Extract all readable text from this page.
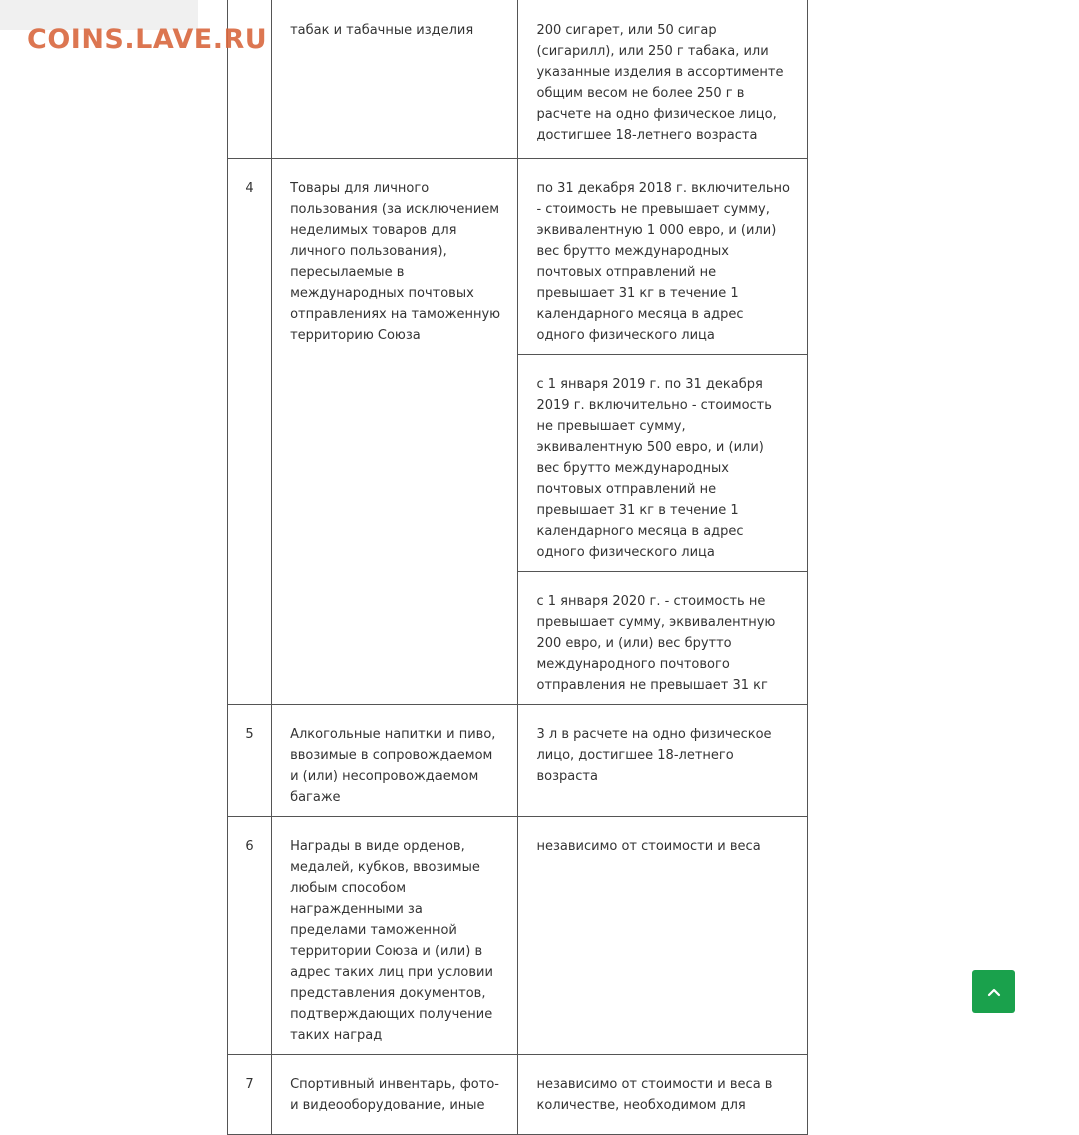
COINS.LAVE.RU

	табак и табачные изделия	200 сигарет, или 50 сигар (сигарилл), или 250 г табака, или указанные изделия в ассортименте общим весом не более 250 г в расчете на одно физическое лицо, достигшее 18-летнего возраста

4	Товары для личного пользования (за исключением неделимых товаров для личного пользования), пересылаемые в международных почтовых отправлениях на таможенную территорию Союза	по 31 декабря 2018 г. включительно - стоимость не превышает сумму, эквивалентную 1 000 евро, и (или) вес брутто международных почтовых отправлений не превышает 31 кг в течение 1 календарного месяца в адрес одного физического лица

		с 1 января 2019 г. по 31 декабря 2019 г. включительно - стоимость не превышает сумму, эквивалентную 500 евро, и (или) вес брутто международных почтовых отправлений не превышает 31 кг в течение 1 календарного месяца в адрес одного физического лица

		с 1 января 2020 г. - стоимость не превышает сумму, эквивалентную 200 евро, и (или) вес брутто международного почтового отправления не превышает 31 кг

5	Алкогольные напитки и пиво, ввозимые в сопровождаемом и (или) несопровождаемом багаже	3 л в расчете на одно физическое лицо, достигшее 18-летнего возраста

6	Награды в виде орденов, медалей, кубков, ввозимые любым способом награжденными за пределами таможенной территории Союза и (или) в адрес таких лиц при условии представления документов, подтверждающих получение таких наград	независимо от стоимости и веса

7	Спортивный инвентарь, фото- и видеооборудование, иные	независимо от стоимости и веса в количестве, необходимом для
